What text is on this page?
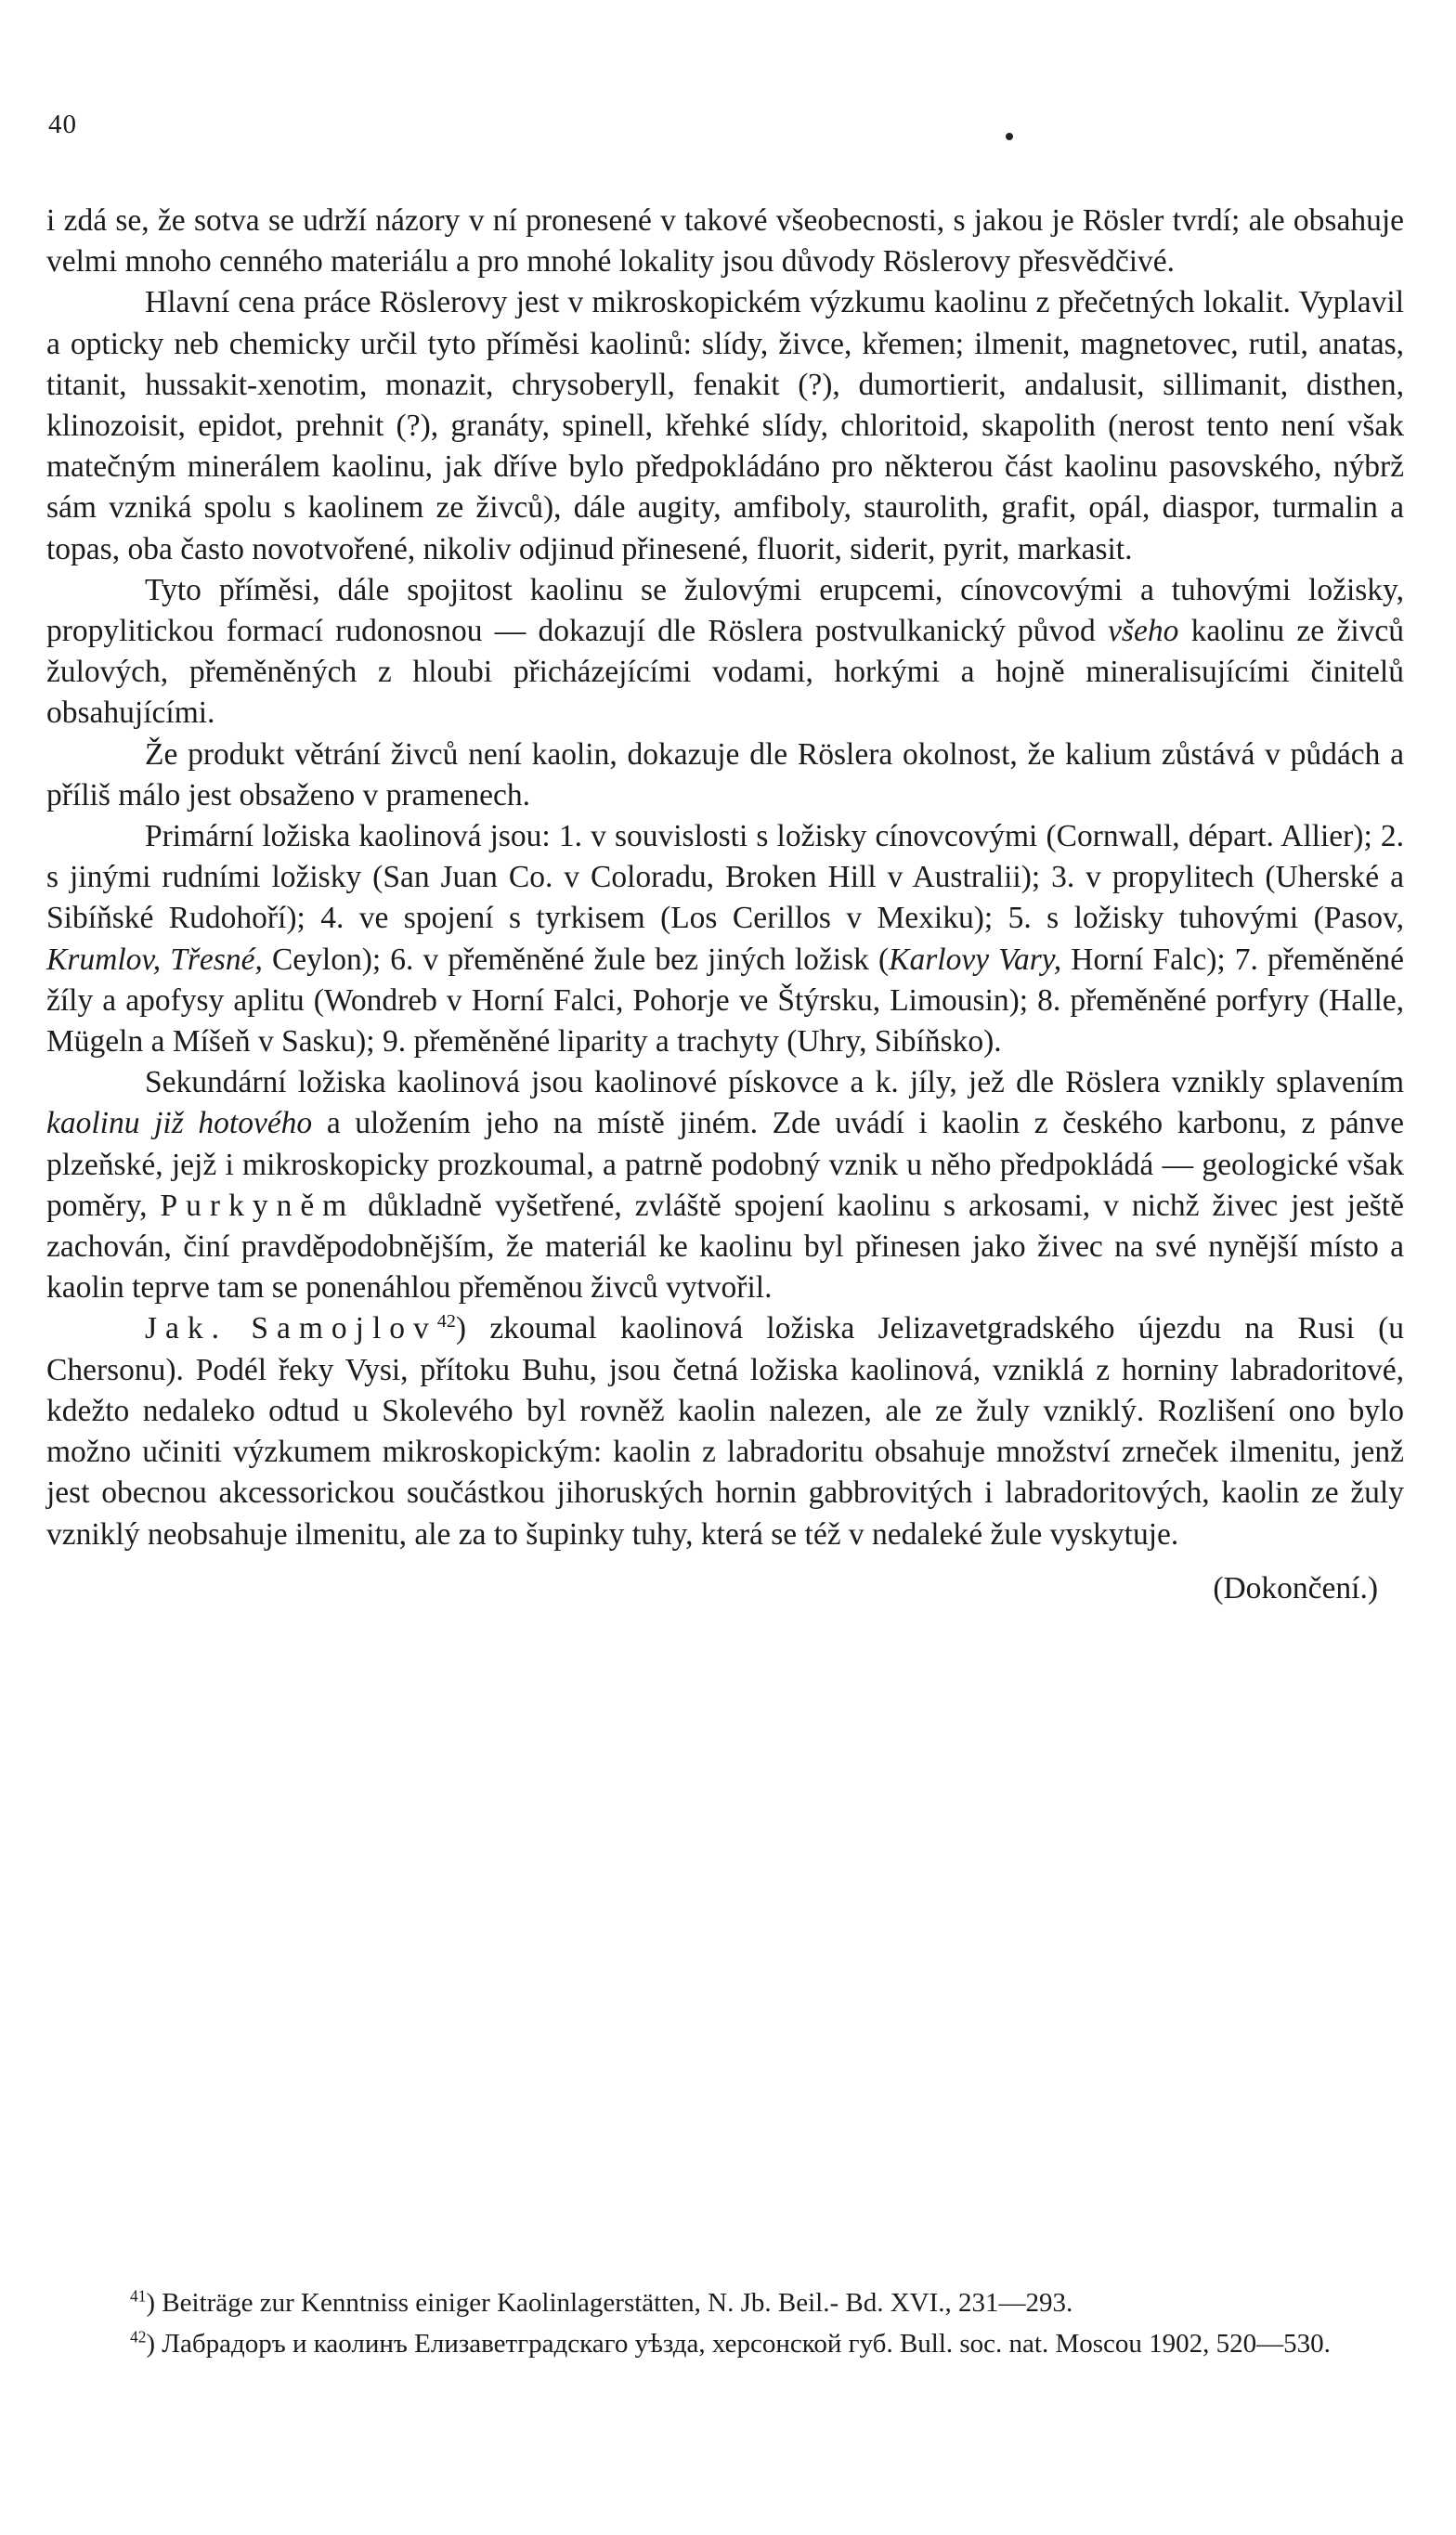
40

i zdá se, že sotva se udrží názory v ní pronesené v takové všeobecnosti, s jakou je Rösler tvrdí; ale obsahuje velmi mnoho cenného materiálu a pro mnohé lokality jsou důvody Röslerovy přesvědčivé.

Hlavní cena práce Röslerovy jest v mikroskopickém výzkumu kaolinu z přečetných lokalit. Vyplavil a opticky neb chemicky určil tyto příměsi kaolinů: slídy, živce, křemen; ilmenit, magnetovec, rutil, anatas, titanit, hussakit-xenotim, monazit, chrysoberyll, fenakit (?), dumortierit, andalusit, sillimanit, disthen, klinozoisit, epidot, prehnit (?), granáty, spinell, křehké slídy, chloritoid, skapolith (nerost tento není však matečným minerálem kaolinu, jak dříve bylo předpokládáno pro některou část kaolinu pasovského, nýbrž sám vzniká spolu s kaolinem ze živců), dále augity, amfiboly, staurolith, grafit, opál, diaspor, turmalin a topas, oba často novotvořené, nikoliv odjinud přinesené, fluorit, siderit, pyrit, markasit.

Tyto příměsi, dále spojitost kaolinu se žulovými erupcemi, cínovcovými a tuhovými ložisky, propylitickou formací rudonosnou — dokazují dle Röslera postvulkanický původ všeho kaolinu ze živců žulových, přeměněných z hloubi přicházejícími vodami, horkými a hojně mineralisujícími činitelů obsahujícími.

Že produkt větrání živců není kaolin, dokazuje dle Röslera okolnost, že kalium zůstává v půdách a příliš málo jest obsaženo v pramenech.

Primární ložiska kaolinová jsou: 1. v souvislosti s ložisky cínovcovými (Cornwall, départ. Allier); 2. s jinými rudními ložisky (San Juan Co. v Coloradu, Broken Hill v Australii); 3. v propylitech (Uherské a Sibíňské Rudohoří); 4. ve spojení s tyrkisem (Los Cerillos v Mexiku); 5. s ložisky tuhovými (Pasov, Krumlov, Třesné, Ceylon); 6. v přeměněné žule bez jiných ložisk (Karlovy Vary, Horní Falc); 7. přeměněné žíly a apofysy aplitu (Wondreb v Horní Falci, Pohorje ve Štýrsku, Limousin); 8. přeměněné porfyry (Halle, Mügeln a Míšeň v Sasku); 9. přeměněné liparity a trachyty (Uhry, Sibíňsko).

Sekundární ložiska kaolinová jsou kaolinové pískovce a k. jíly, jež dle Röslera vznikly splavením kaolinu již hotového a uložením jeho na místě jiném. Zde uvádí i kaolin z českého karbonu, z pánve plzeňské, jejž i mikroskopicky prozkoumal, a patrně podobný vznik u něho předpokládá — geologické však poměry, Purkyněm důkladně vyšetřené, zvláště spojení kaolinu s arkosami, v nichž živec jest ještě zachován, činí pravděpodobnějším, že materiál ke kaolinu byl přinesen jako živec na své nynější místo a kaolin teprve tam se ponenáhlou přeměnou živců vytvořil.

Jak. Samojlov$^{42}$) zkoumal kaolinová ložiska Jelizavetgradského újezdu na Rusi (u Chersonu). Podél řeky Vysi, přítoku Buhu, jsou četná ložiska kaolinová, vzniklá z horniny labradoritové, kdežto nedaleko odtud u Skolevého byl rovněž kaolin nalezen, ale ze žuly vzniklý. Rozlišení ono bylo možno učiniti výzkumem mikroskopickým: kaolin z labradoritu obsahuje množství zrneček ilmenitu, jenž jest obecnou akcessorickou součástkou jihoruských hornin gabbrovitých i labradoritových, kaolin ze žuly vzniklý neobsahuje ilmenitu, ale za to šupinky tuhy, která se též v nedaleké žule vyskytuje.

(Dokončení.)

$^{41}$) Beiträge zur Kenntniss einiger Kaolinlagerstätten, N. Jb. Beil.- Bd. XVI., 231—293.

$^{42}$) Лабрадоръ и каолинъ Елизаветградскаго уѣзда, херсонской губ. Bull. soc. nat. Moscou 1902, 520—530.
